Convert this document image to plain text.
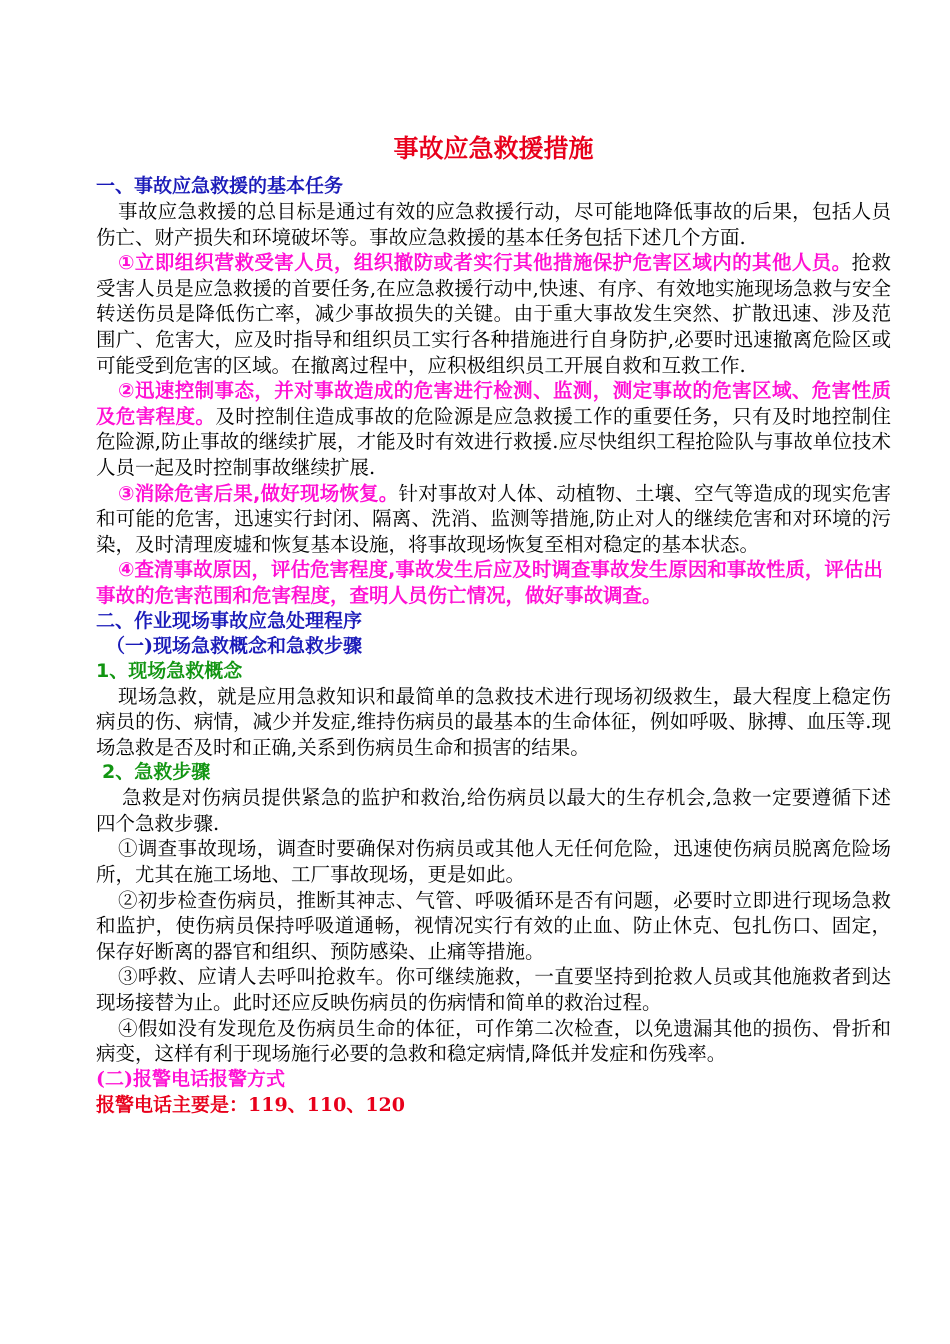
事故应急救援措施
一、事故应急救援的基本任务
事故应急救援的总目标是通过有效的应急救援行动，尽可能地降低事故的后果，包括人员伤亡、财产损失和环境破坏等。事故应急救援的基本任务包括下述几个方面.
①立即组织营救受害人员，组织撤防或者实行其他措施保护危害区域内的其他人员。抢救受害人员是应急救援的首要任务,在应急救援行动中,快速、有序、有效地实施现场急救与安全转送伤员是降低伤亡率，减少事故损失的关键。由于重大事故发生突然、扩散迅速、涉及范围广、危害大，应及时指导和组织员工实行各种措施进行自身防护,必要时迅速撤离危险区或可能受到危害的区域。在撤离过程中，应积极组织员工开展自救和互救工作.
②迅速控制事态，并对事故造成的危害进行检测、监测，测定事故的危害区域、危害性质及危害程度。及时控制住造成事故的危险源是应急救援工作的重要任务，只有及时地控制住危险源,防止事故的继续扩展，才能及时有效进行救援.应尽快组织工程抢险队与事故单位技术人员一起及时控制事故继续扩展.
③消除危害后果,做好现场恢复。针对事故对人体、动植物、土壤、空气等造成的现实危害和可能的危害，迅速实行封闭、隔离、洗消、监测等措施,防止对人的继续危害和对环境的污染，及时清理废墟和恢复基本设施，将事故现场恢复至相对稳定的基本状态。
④查清事故原因，评估危害程度,事故发生后应及时调查事故发生原因和事故性质，评估出事故的危害范围和危害程度，查明人员伤亡情况，做好事故调查。
二、作业现场事故应急处理程序
（一)现场急救概念和急救步骤
1、现场急救概念
现场急救，就是应用急救知识和最简单的急救技术进行现场初级救生，最大程度上稳定伤病员的伤、病情，减少并发症,维持伤病员的最基本的生命体征，例如呼吸、脉搏、血压等.现场急救是否及时和正确,关系到伤病员生命和损害的结果。
2、急救步骤
急救是对伤病员提供紧急的监护和救治,给伤病员以最大的生存机会,急救一定要遵循下述四个急救步骤.
①调查事故现场，调查时要确保对伤病员或其他人无任何危险，迅速使伤病员脱离危险场所，尤其在施工场地、工厂事故现场，更是如此。
②初步检查伤病员，推断其神志、气管、呼吸循环是否有问题，必要时立即进行现场急救和监护，使伤病员保持呼吸道通畅，视情况实行有效的止血、防止休克、包扎伤口、固定，保存好断离的器官和组织、预防感染、止痛等措施。
③呼救、应请人去呼叫抢救车。你可继续施救，一直要坚持到抢救人员或其他施救者到达现场接替为止。此时还应反映伤病员的伤病情和简单的救治过程。
④假如没有发现危及伤病员生命的体征，可作第二次检查，以免遗漏其他的损伤、骨折和病变，这样有利于现场施行必要的急救和稳定病情,降低并发症和伤残率。
(二)报警电话报警方式
报警电话主要是：119、110、120
